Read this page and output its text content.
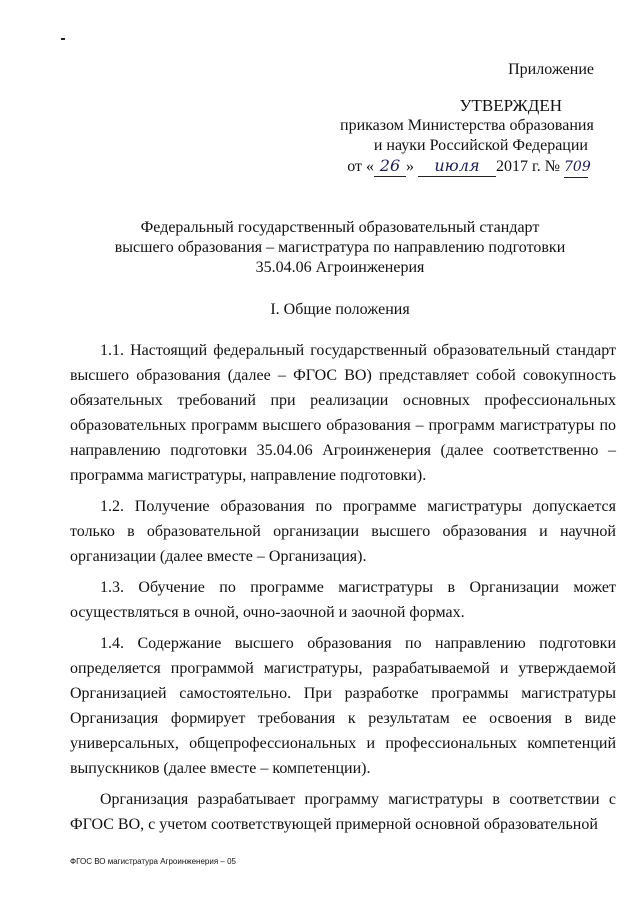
Приложение
УТВЕРЖДЕН
приказом Министерства образования
и науки Российской Федерации
от « 26 » июля 2017 г. № 709
Федеральный государственный образовательный стандарт
высшего образования – магистратура по направлению подготовки
35.04.06 Агроинженерия
I. Общие положения

1.1. Настоящий федеральный государственный образовательный стандарт высшего образования (далее – ФГОС ВО) представляет собой совокупность обязательных требований при реализации основных профессиональных образовательных программ высшего образования – программ магистратуры по направлению подготовки 35.04.06 Агроинженерия (далее соответственно – программа магистратуры, направление подготовки).

1.2. Получение образования по программе магистратуры допускается только в образовательной организации высшего образования и научной организации (далее вместе – Организация).

1.3. Обучение по программе магистратуры в Организации может осуществляться в очной, очно-заочной и заочной формах.

1.4. Содержание высшего образования по направлению подготовки определяется программой магистратуры, разрабатываемой и утверждаемой Организацией самостоятельно. При разработке программы магистратуры Организация формирует требования к результатам ее освоения в виде универсальных, общепрофессиональных и профессиональных компетенций выпускников (далее вместе – компетенции).

Организация разрабатывает программу магистратуры в соответствии с ФГОС ВО, с учетом соответствующей примерной основной образовательной

ФГОС ВО магистратура Агроинженерия – 05
